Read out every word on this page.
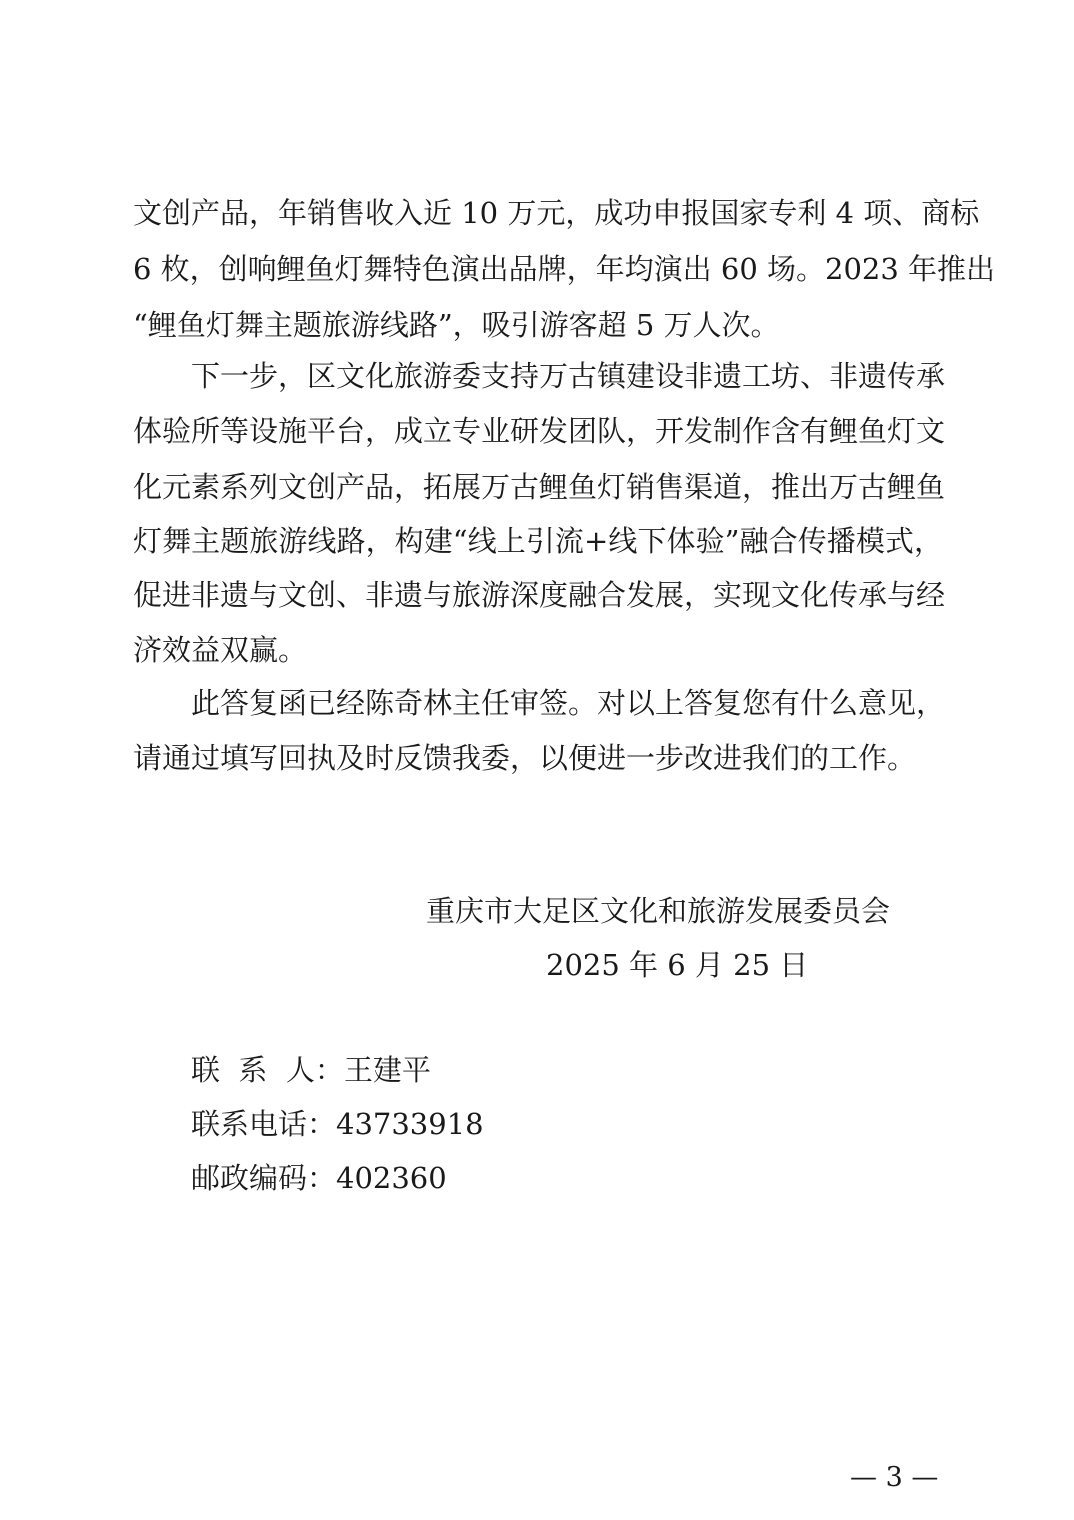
文创产品，年销售收入近 10 万元，成功申报国家专利 4 项、商标
6 枚，创响鲤鱼灯舞特色演出品牌，年均演出 60 场。2023 年推出
“鲤鱼灯舞主题旅游线路”，吸引游客超 5 万人次。
下一步，区文化旅游委支持万古镇建设非遗工坊、非遗传承
体验所等设施平台，成立专业研发团队，开发制作含有鲤鱼灯文
化元素系列文创产品，拓展万古鲤鱼灯销售渠道，推出万古鲤鱼
灯舞主题旅游线路，构建“线上引流+线下体验”融合传播模式，
促进非遗与文创、非遗与旅游深度融合发展，实现文化传承与经
济效益双赢。
此答复函已经陈奇林主任审签。对以上答复您有什么意见，
请通过填写回执及时反馈我委，以便进一步改进我们的工作。
重庆市大足区文化和旅游发展委员会
2025 年 6 月 25 日
联  系  人：王建平
联系电话：43733918
邮政编码：402360
— 3 —
